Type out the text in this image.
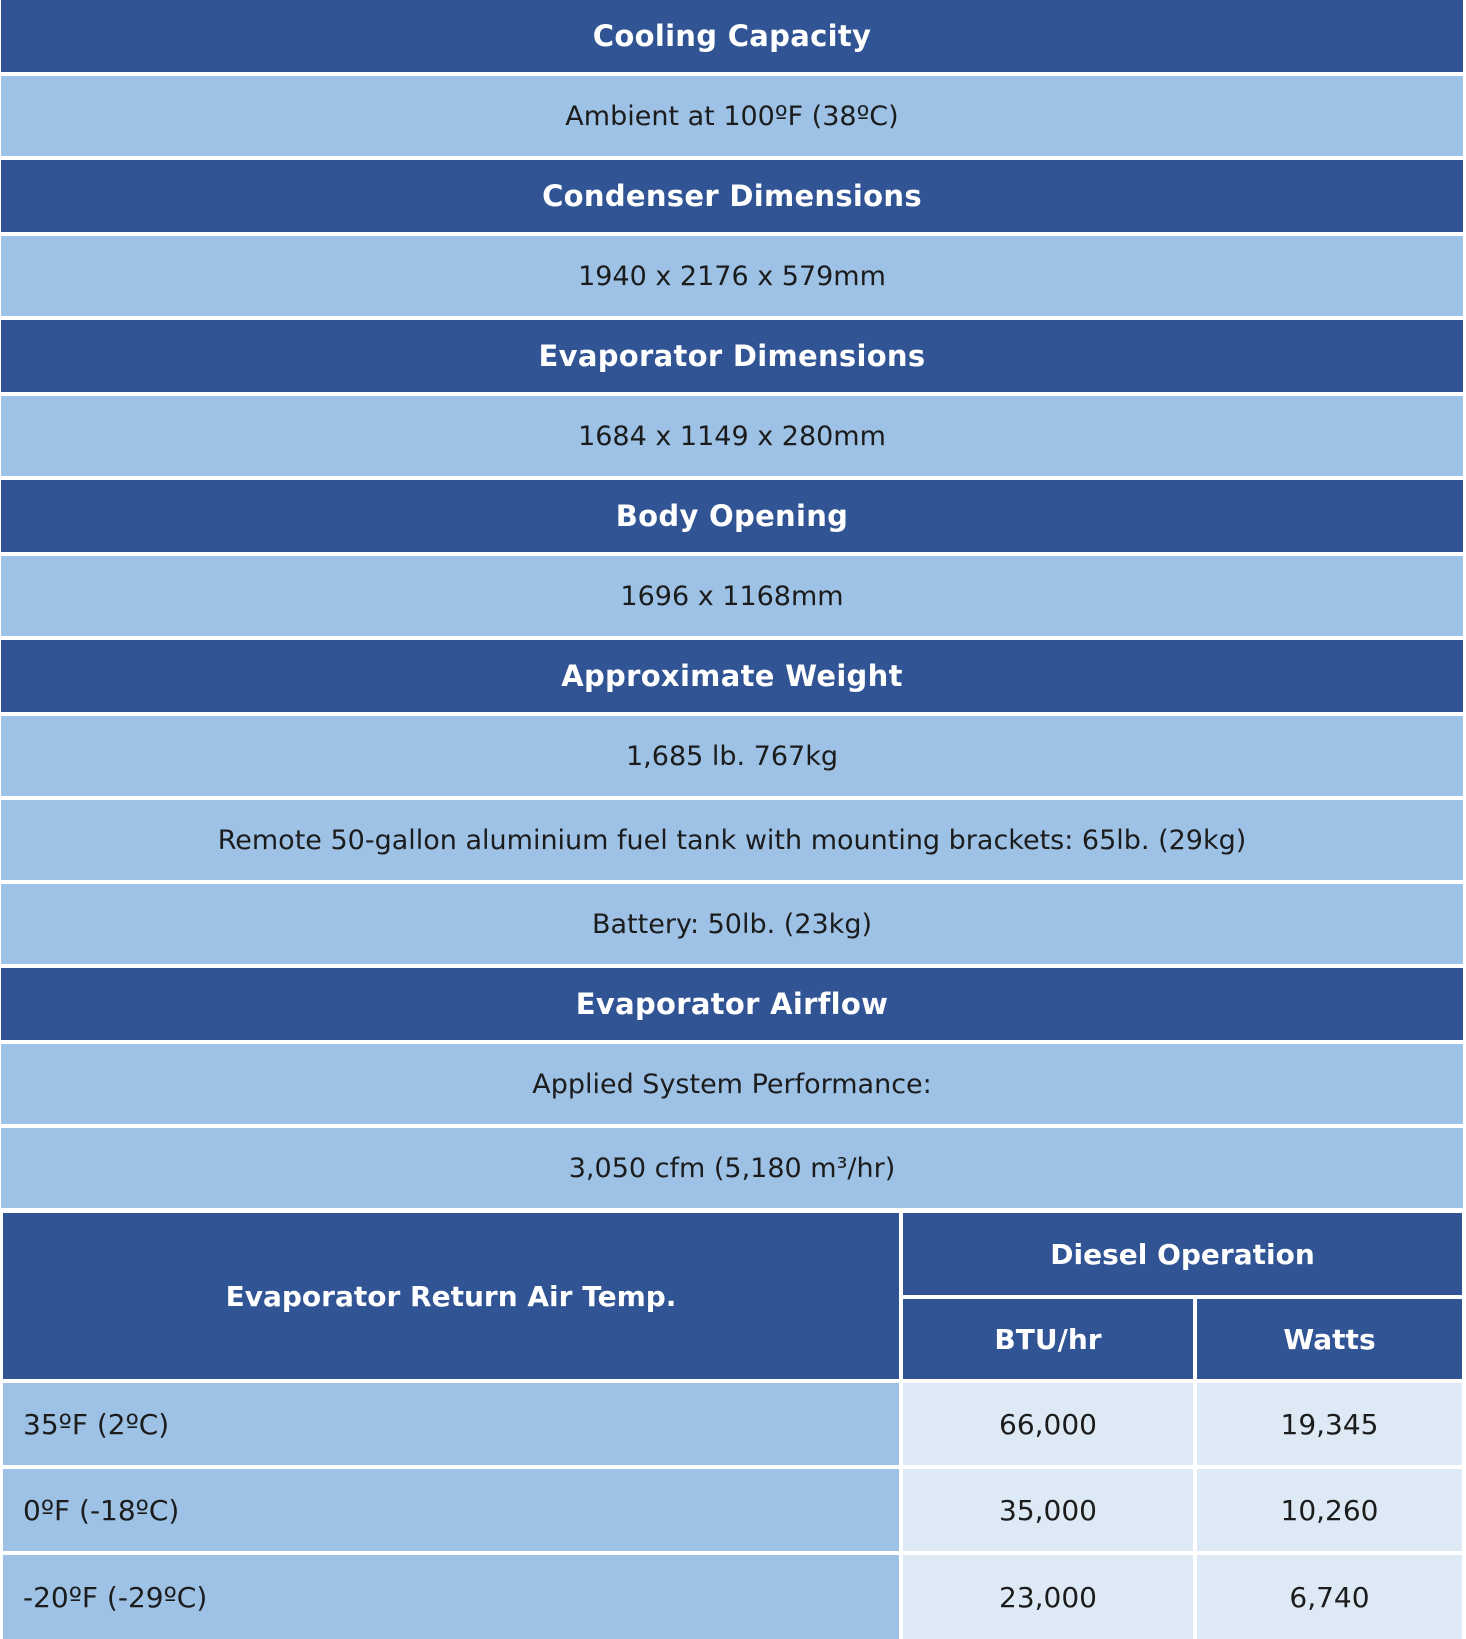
Cooling Capacity
Ambient at 100ºF (38ºC)
Condenser Dimensions
1940 x 2176 x 579mm
Evaporator Dimensions
1684 x 1149 x 280mm
Body Opening
1696 x 1168mm
Approximate Weight
1,685 lb. 767kg
Remote 50-gallon aluminium fuel tank with mounting brackets: 65lb. (29kg)
Battery: 50lb. (23kg)
Evaporator Airflow
Applied System Performance:
3,050 cfm (5,180 m³/hr)
Evaporator Return Air Temp.
Diesel Operation
BTU/hr	Watts
35ºF (2ºC)	66,000	19,345
0ºF (-18ºC)	35,000	10,260
-20ºF (-29ºC)	23,000	6,740
